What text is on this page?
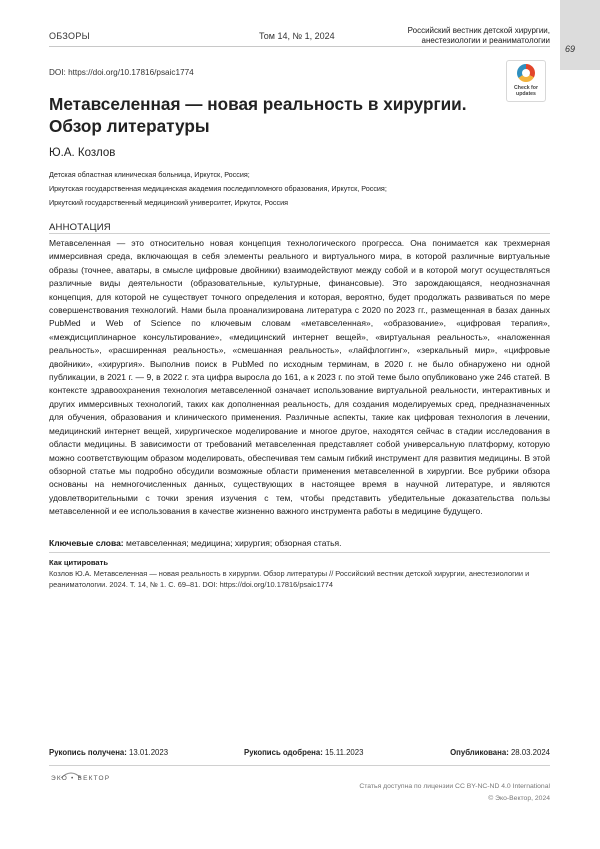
ОБЗОРЫ	Том 14, № 1, 2024
Российский вестник детской хирургии,
анестезиологии и реаниматологии
69
DOI: https://doi.org/10.17816/psaic1774
Check for
updates
Метавселенная — новая реальность в хирургии.
Обзор литературы
Ю.А. Козлов
Детская областная клиническая больница, Иркутск, Россия;
Иркутская государственная медицинская академия последипломного образования, Иркутск, Россия;
Иркутский государственный медицинский университет, Иркутск, Россия
АННОТАЦИЯ
Метавселенная — это относительно новая концепция технологического прогресса. Она понимается как трехмерная иммерсивная среда, включающая в себя элементы реального и виртуального мира, в которой различные виртуальные образы (точнее, аватары, в смысле цифровые двойники) взаимодействуют между собой и в которой могут осуществляться различные виды деятельности (образовательные, культурные, финансовые). Это зарождающаяся, неоднозначная концепция, для которой не существует точного определения и которая, вероятно, будет продолжать развиваться по мере совершенствования технологий. Нами была проанализирована литература с 2020 по 2023 гг., размещенная в базах данных PubMed и Web of Science по ключевым словам «метавселенная», «образование», «цифровая терапия», «междисциплинарное консультирование», «медицинский интернет вещей», «виртуальная реальность», «наложенная реальность», «расширенная реальность», «смешанная реальность», «лайфлоггинг», «зеркальный мир», «цифровые двойники», «хирургия». Выполнив поиск в PubMed по исходным терминам, в 2020 г. не было обнаружено ни одной публикации, в 2021 г. — 9, в 2022 г. эта цифра выросла до 161, а к 2023 г. по этой теме было опубликовано уже 246 статей. В контексте здравоохранения технология метавселенной означает использование виртуальной реальности, интерактивных и других иммерсивных технологий, таких как дополненная реальность, для создания моделируемых сред, предназначенных для обучения, образования и клинического применения. Различные аспекты, такие как цифровая технология в лечении, медицинский интернет вещей, хирургическое моделирование и многое другое, находятся сейчас в стадии исследования в области медицины. В зависимости от требований метавселенная представляет собой универсальную платформу, которую можно соответствующим образом моделировать, обеспечивая тем самым гибкий инструмент для развития медицины. В этой обзорной статье мы подробно обсудили возможные области применения метавселенной в хирургии. Все рубрики обзора основаны на немногочисленных данных, существующих в настоящее время в научной литературе, и являются удовлетворительными с точки зрения изучения с тем, чтобы представить убедительные доказательства пользы метавселенной и ее использования в качестве жизненно важного инструмента работы в медицине будущего.
Ключевые слова: метавселенная; медицина; хирургия; обзорная статья.
Как цитировать
Козлов Ю.А. Метавселенная — новая реальность в хирургии. Обзор литературы // Российский вестник детской хирургии, анестезиологии и реаниматологии. 2024. Т. 14, № 1. С. 69–81. DOI: https://doi.org/10.17816/psaic1774
Рукопись получена: 13.01.2023	Рукопись одобрена: 15.11.2023	Опубликована: 28.03.2024
ЭКО • ВЕКТОР
Статья доступна по лицензии CC BY-NC-ND 4.0 International
© Эко-Вектор, 2024
